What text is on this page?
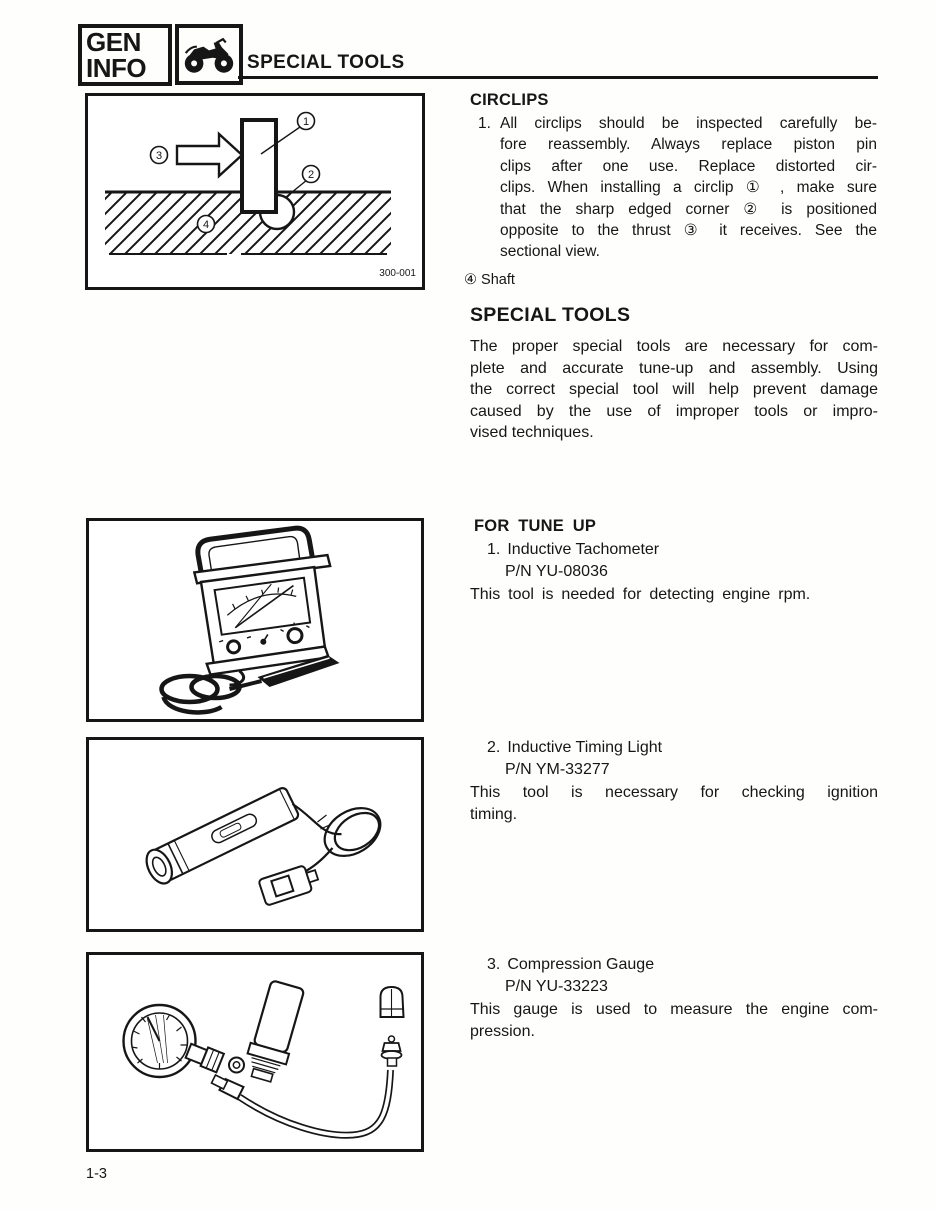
GEN
INFO	SPECIAL TOOLS
1
2
3
4
300-001
CIRCLIPS
1. All circlips should be inspected carefully be-
fore reassembly. Always replace piston pin
clips after one use. Replace distorted cir-
clips. When installing a circlip ① , make sure
that the sharp edged corner ② is positioned
opposite to the thrust ③ it receives. See the
sectional view.
④ Shaft
SPECIAL TOOLS
The proper special tools are necessary for com-
plete and accurate tune-up and assembly. Using
the correct special tool will help prevent damage
caused by the use of improper tools or impro-
vised techniques.
FOR TUNE UP
1. Inductive Tachometer
P/N YU-08036
This tool is needed for detecting engine rpm.
2. Inductive Timing Light
P/N YM-33277
This tool is necessary for checking ignition
timing.
3. Compression Gauge
P/N YU-33223
This gauge is used to measure the engine com-
pression.
1-3
